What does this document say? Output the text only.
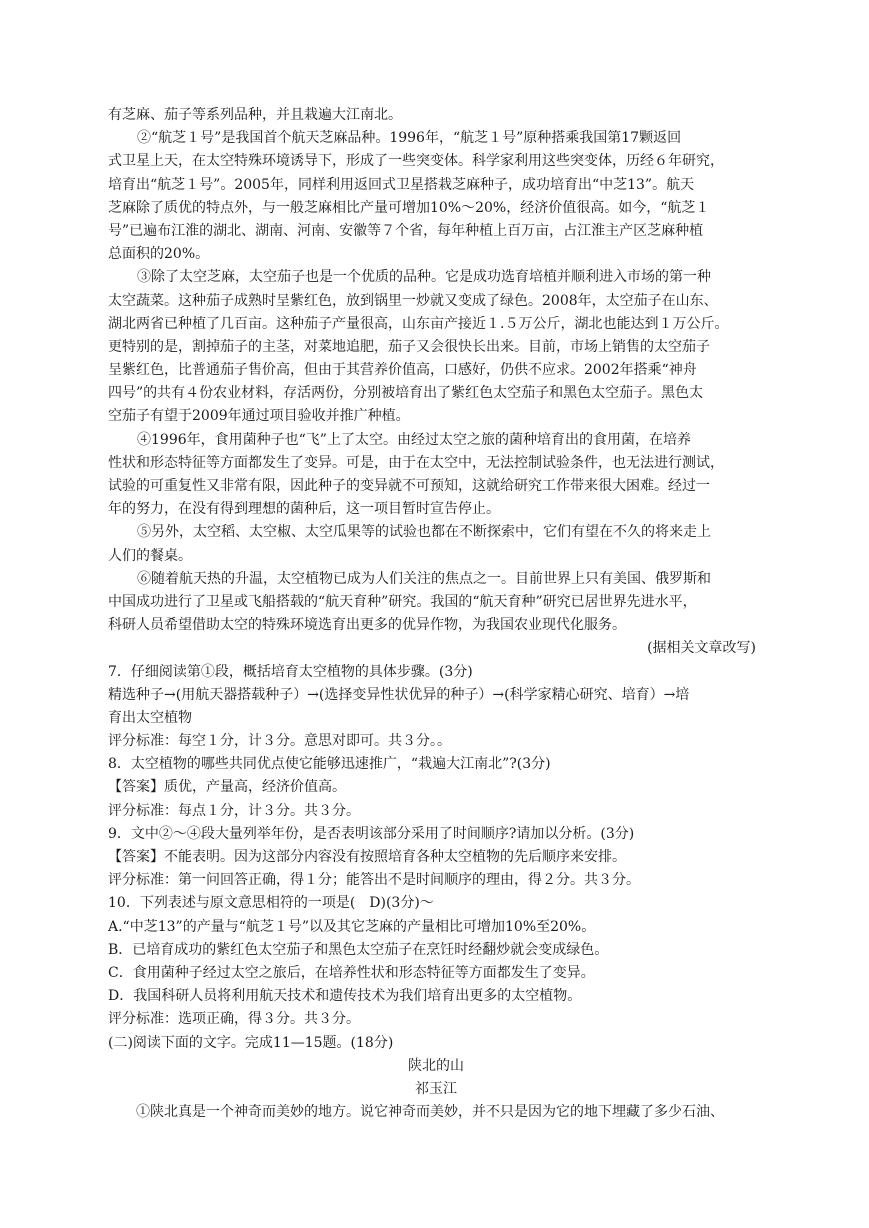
有芝麻、茄子等系列品种，并且栽遍大江南北。
②“航芝１号”是我国首个航天芝麻品种。1996年，“航芝１号”原种搭乘我国第17颗返回
式卫星上天，在太空特殊环境诱导下，形成了一些突变体。科学家利用这些突变体，历经６年研究，
培育出“航芝１号”。2005年，同样利用返回式卫星搭栽芝麻种子，成功培育出“中芝13”。航天
芝麻除了质优的特点外，与一般芝麻相比产量可增加10%～20%，经济价值很高。如今，“航芝１
号”已遍布江淮的湖北、湖南、河南、安徽等７个省，每年种植上百万亩，占江淮主产区芝麻种植
总面积的20%。
③除了太空芝麻，太空茄子也是一个优质的品种。它是成功选育培植并顺利进入市场的第一种
太空蔬菜。这种茄子成熟时呈紫红色，放到锅里一炒就又变成了绿色。2008年，太空茄子在山东、
湖北两省已种植了几百亩。这种茄子产量很高，山东亩产接近１.５万公斤，湖北也能达到１万公斤。
更特别的是，割掉茄子的主茎，对菜地追肥，茄子又会很快长出来。目前，市场上销售的太空茄子
呈紫红色，比普通茄子售价高，但由于其营养价值高，口感好，仍供不应求。2002年搭乘“神舟
四号”的共有４份农业材料，存活两份，分别被培育出了紫红色太空茄子和黑色太空茄子。黑色太
空茄子有望于2009年通过项目验收并推广种植。
④1996年，食用菌种子也“飞”上了太空。由经过太空之旅的菌种培育出的食用菌，在培养
性状和形态特征等方面都发生了变异。可是，由于在太空中，无法控制试验条件，也无法进行测试，
试验的可重复性又非常有限，因此种子的变异就不可预知，这就给研究工作带来很大困难。经过一
年的努力，在没有得到理想的菌种后，这一项目暂时宣告停止。
⑤另外，太空稻、太空椒、太空瓜果等的试验也都在不断探索中，它们有望在不久的将来走上
人们的餐桌。
⑥随着航天热的升温，太空植物已成为人们关注的焦点之一。目前世界上只有美国、俄罗斯和
中国成功进行了卫星或飞船搭载的“航天育种”研究。我国的“航天育种”研究已居世界先进水平，
科研人员希望借助太空的特殊环境选育出更多的优异作物，为我国农业现代化服务。
(据相关文章改写)
7．仔细阅读第①段，概括培育太空植物的具体步骤。(3分)
精选种子→(用航天器搭载种子）→(选择变异性状优异的种子）→(科学家精心研究、培育）→培
育出太空植物
评分标准：每空１分，计３分。意思对即可。共３分。。
8．太空植物的哪些共同优点使它能够迅速推广，“栽遍大江南北”?(3分)
【答案】质优，产量高，经济价值高。
评分标准：每点１分，计３分。共３分。
9．文中②～④段大量列举年份，是否表明该部分采用了时间顺序?请加以分析。(3分)
【答案】不能表明。因为这部分内容没有按照培育各种太空植物的先后顺序来安排。
评分标准：第一问回答正确，得１分；能答出不是时间顺序的理由，得２分。共３分。
10．下列表述与原文意思相符的一项是(　D)(3分)～
A.“中芝13”的产量与“航芝１号”以及其它芝麻的产量相比可增加10%至20%。
B．已培育成功的紫红色太空茄子和黑色太空茄子在烹饪时经翻炒就会变成绿色。
C．食用菌种子经过太空之旅后，在培养性状和形态特征等方面都发生了变异。
D．我国科研人员将利用航天技术和遗传技术为我们培育出更多的太空植物。
评分标准：选项正确，得３分。共３分。
(二)阅读下面的文字。完成11—15题。(18分)
陕北的山
祁玉江
①陕北真是一个神奇而美妙的地方。说它神奇而美妙，并不只是因为它的地下埋藏了多少石油、
